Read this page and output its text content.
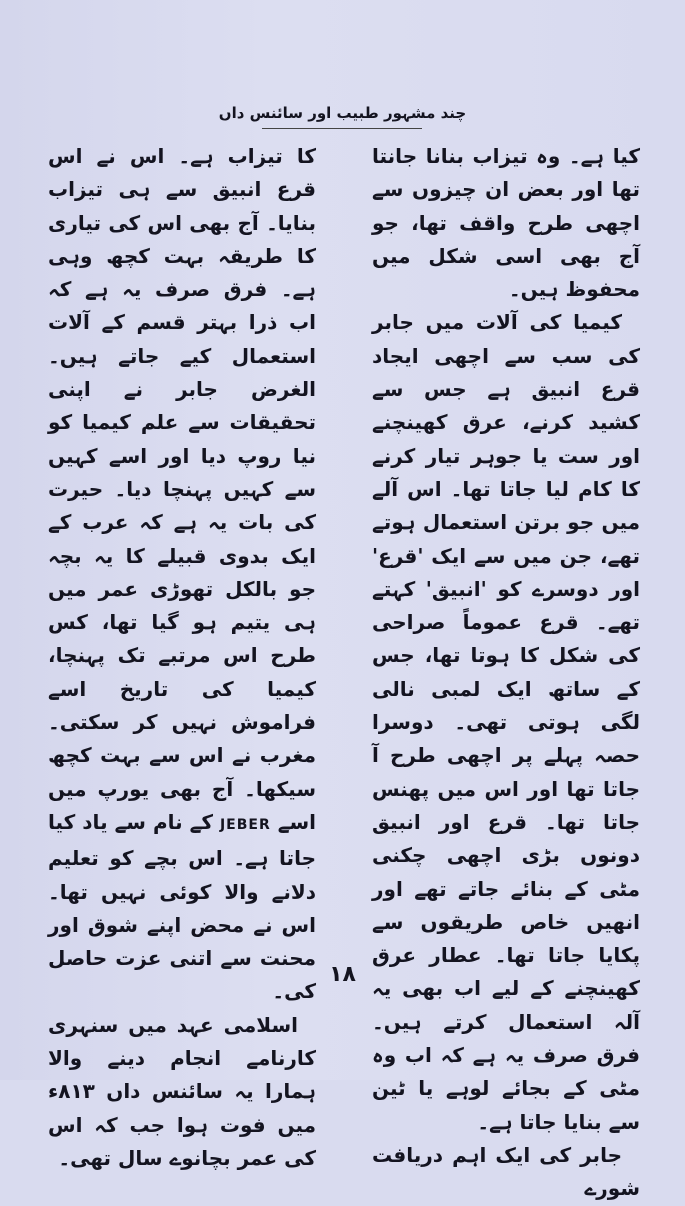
چند مشہور طبیب اور سائنس داں

کیا ہے۔ وہ تیزاب بنانا جانتا تھا اور بعض ان چیزوں سے اچھی طرح واقف تھا، جو آج بھی اسی شکل میں محفوظ ہیں۔

کیمیا کی آلات میں جابر کی سب سے اچھی ایجاد قرع انبیق ہے جس سے کشید کرنے، عرق کھینچنے اور ست یا جوہر تیار کرنے کا کام لیا جاتا تھا۔ اس آلے میں جو برتن استعمال ہوتے تھے، جن میں سے ایک 'قرع' اور دوسرے کو 'انبیق' کہتے تھے۔ قرع عموماً صراحی کی شکل کا ہوتا تھا، جس کے ساتھ ایک لمبی نالی لگی ہوتی تھی۔ دوسرا حصہ پہلے پر اچھی طرح آ جاتا تھا اور اس میں پھنس جاتا تھا۔ قرع اور انبیق دونوں بڑی اچھی چکنی مٹی کے بنائے جاتے تھے اور انھیں خاص طریقوں سے پکایا جاتا تھا۔ عطار عرق کھینچنے کے لیے اب بھی یہ آلہ استعمال کرتے ہیں۔ فرق صرف یہ ہے کہ اب وہ مٹی کے بجائے لوہے یا ٹین سے بنایا جاتا ہے۔

جابر کی ایک اہم دریافت شورے

کا تیزاب ہے۔ اس نے اس قرع انبیق سے ہی تیزاب بنایا۔ آج بھی اس کی تیاری کا طریقہ بہت کچھ وہی ہے۔ فرق صرف یہ ہے کہ اب ذرا بہتر قسم کے آلات استعمال کیے جاتے ہیں۔ الغرض جابر نے اپنی تحقیقات سے علم کیمیا کو نیا روپ دیا اور اسے کہیں سے کہیں پہنچا دیا۔ حیرت کی بات یہ ہے کہ عرب کے ایک بدوی قبیلے کا یہ بچہ جو بالکل تھوڑی عمر میں ہی یتیم ہو گیا تھا، کس طرح اس مرتبے تک پہنچا، کیمیا کی تاریخ اسے فراموش نہیں کر سکتی۔ مغرب نے اس سے بہت کچھ سیکھا۔ آج بھی یورپ میں اسے JEBER کے نام سے یاد کیا جاتا ہے۔ اس بچے کو تعلیم دلانے والا کوئی نہیں تھا۔ اس نے محض اپنے شوق اور محنت سے اتنی عزت حاصل کی۔

اسلامی عہد میں سنہری کارنامے انجام دینے والا ہمارا یہ سائنس داں ۸۱۳ء میں فوت ہوا جب کہ اس کی عمر بچانوے سال تھی۔

۱۸
